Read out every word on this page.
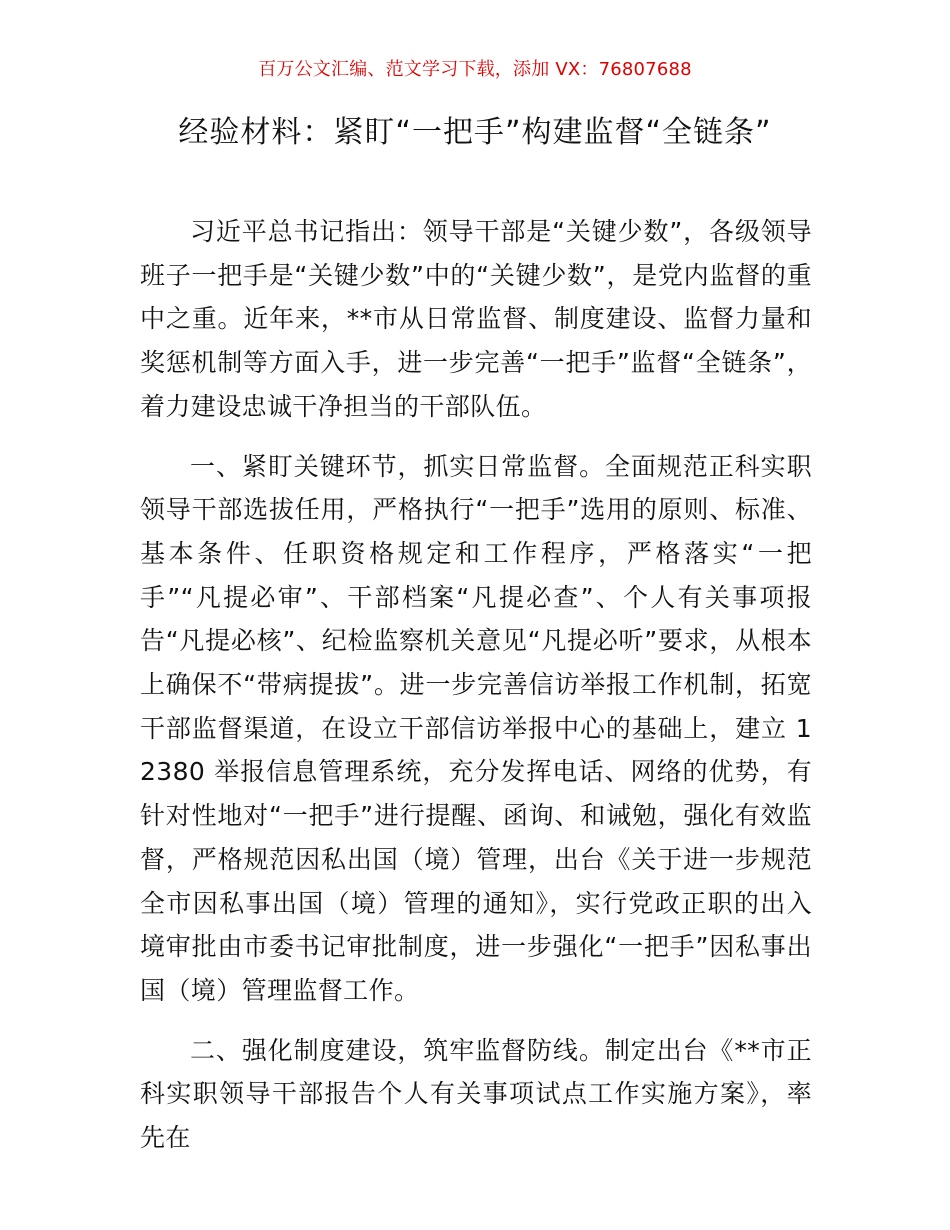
百万公文汇编、范文学习下载，添加 VX：76807688
经验材料：紧盯“一把手”构建监督“全链条”

习近平总书记指出：领导干部是“关键少数”，各级领导班子一把手是“关键少数”中的“关键少数”，是党内监督的重中之重。近年来，**市从日常监督、制度建设、监督力量和奖惩机制等方面入手，进一步完善“一把手”监督“全链条”，着力建设忠诚干净担当的干部队伍。

一、紧盯关键环节，抓实日常监督。全面规范正科实职领导干部选拔任用，严格执行“一把手”选用的原则、标准、基本条件、任职资格规定和工作程序，严格落实“一把手”“凡提必审”、干部档案“凡提必查”、个人有关事项报告“凡提必核”、纪检监察机关意见“凡提必听”要求，从根本上确保不“带病提拔”。进一步完善信访举报工作机制，拓宽干部监督渠道，在设立干部信访举报中心的基础上，建立 12380 举报信息管理系统，充分发挥电话、网络的优势，有针对性地对“一把手”进行提醒、函询、和诫勉，强化有效监督，严格规范因私出国（境）管理，出台《关于进一步规范全市因私事出国（境）管理的通知》，实行党政正职的出入境审批由市委书记审批制度，进一步强化“一把手”因私事出国（境）管理监督工作。

二、强化制度建设，筑牢监督防线。制定出台《**市正科实职领导干部报告个人有关事项试点工作实施方案》，率先在
